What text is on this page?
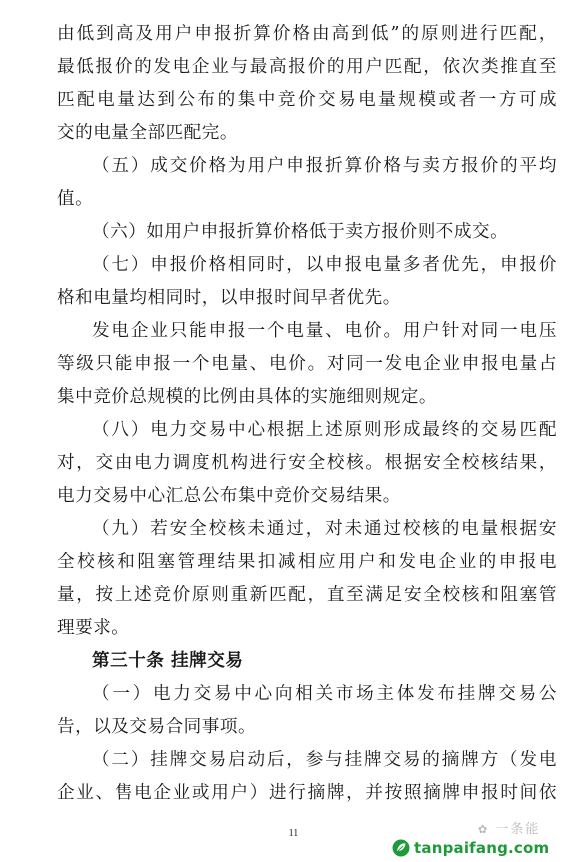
由低到高及用户申报折算价格由高到低”的原则进行匹配，
最低报价的发电企业与最高报价的用户匹配，依次类推直至
匹配电量达到公布的集中竞价交易电量规模或者一方可成
交的电量全部匹配完。
（五）成交价格为用户申报折算价格与卖方报价的平均
值。
（六）如用户申报折算价格低于卖方报价则不成交。
（七）申报价格相同时，以申报电量多者优先，申报价
格和电量均相同时，以申报时间早者优先。
发电企业只能申报一个电量、电价。用户针对同一电压
等级只能申报一个电量、电价。对同一发电企业申报电量占
集中竞价总规模的比例由具体的实施细则规定。
（八）电力交易中心根据上述原则形成最终的交易匹配
对，交由电力调度机构进行安全校核。根据安全校核结果，
电力交易中心汇总公布集中竞价交易结果。
（九）若安全校核未通过，对未通过校核的电量根据安
全校核和阻塞管理结果扣减相应用户和发电企业的申报电
量，按上述竞价原则重新匹配，直至满足安全校核和阻塞管
理要求。
第三十条 挂牌交易
（一）电力交易中心向相关市场主体发布挂牌交易公
告，以及交易合同事项。
（二）挂牌交易启动后，参与挂牌交易的摘牌方（发电
企业、售电企业或用户）进行摘牌，并按照摘牌申报时间依
11	✿ 一条能
tanpaifang.com
